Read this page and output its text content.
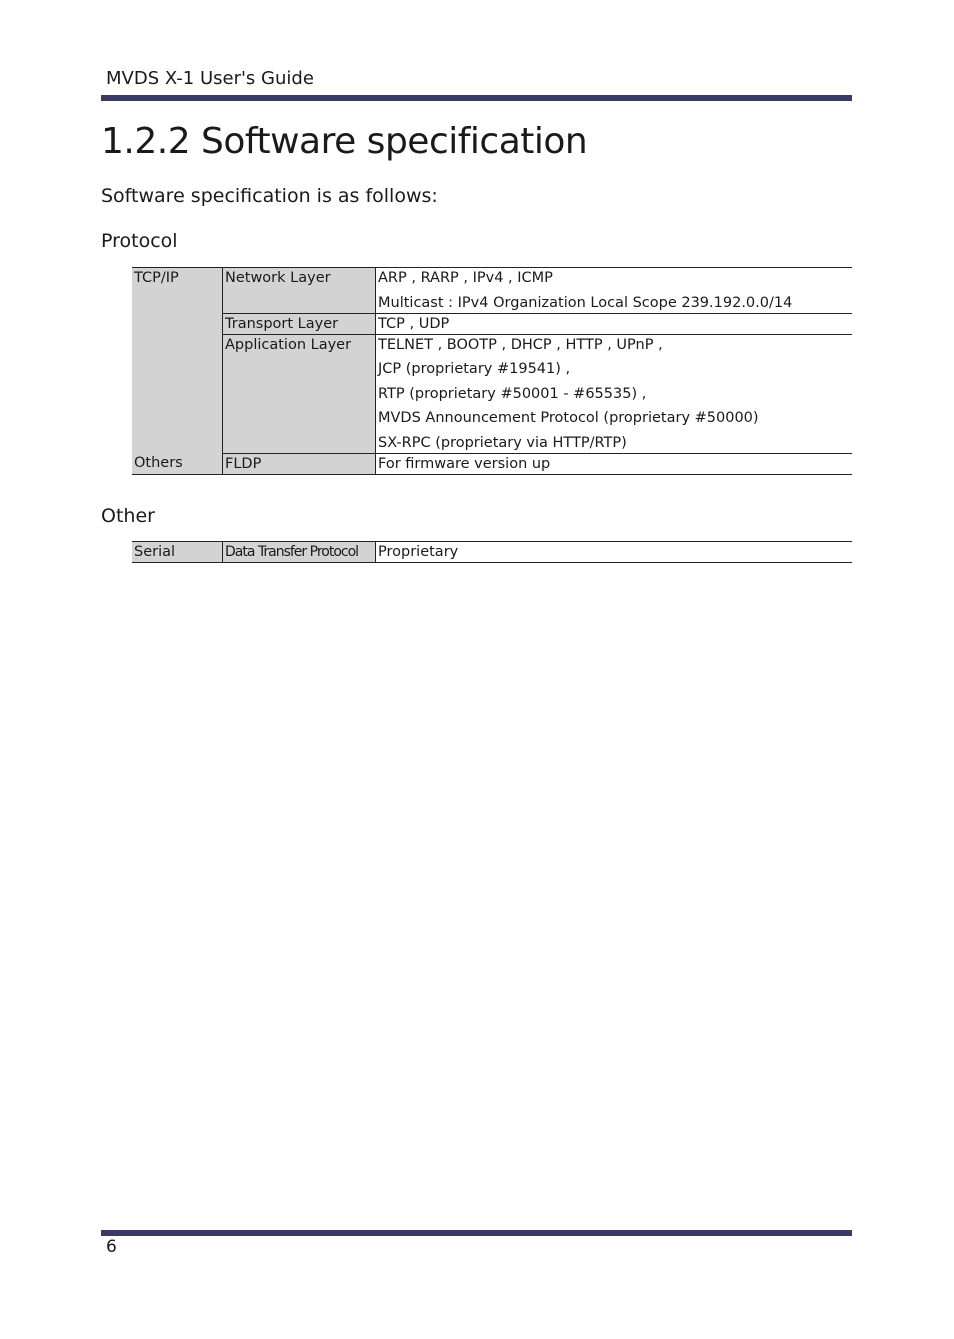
MVDS X-1 User's Guide
1.2.2 Software specification
Software specification is as follows:
Protocol
TCP/IP	Network Layer	ARP , RARP , IPv4 , ICMP
Multicast : IPv4 Organization Local Scope 239.192.0.0/14

	Transport Layer	TCP , UDP
	Application Layer	TELNET , BOOTP , DHCP , HTTP , UPnP ,
JCP (proprietary #19541) ,
RTP (proprietary #50001 - #65535) ,
MVDS Announcement Protocol (proprietary #50000)
SX-RPC (proprietary via HTTP/RTP)

Others	FLDP	For firmware version up
Other
Serial	Data Transfer Protocol	Proprietary
6
